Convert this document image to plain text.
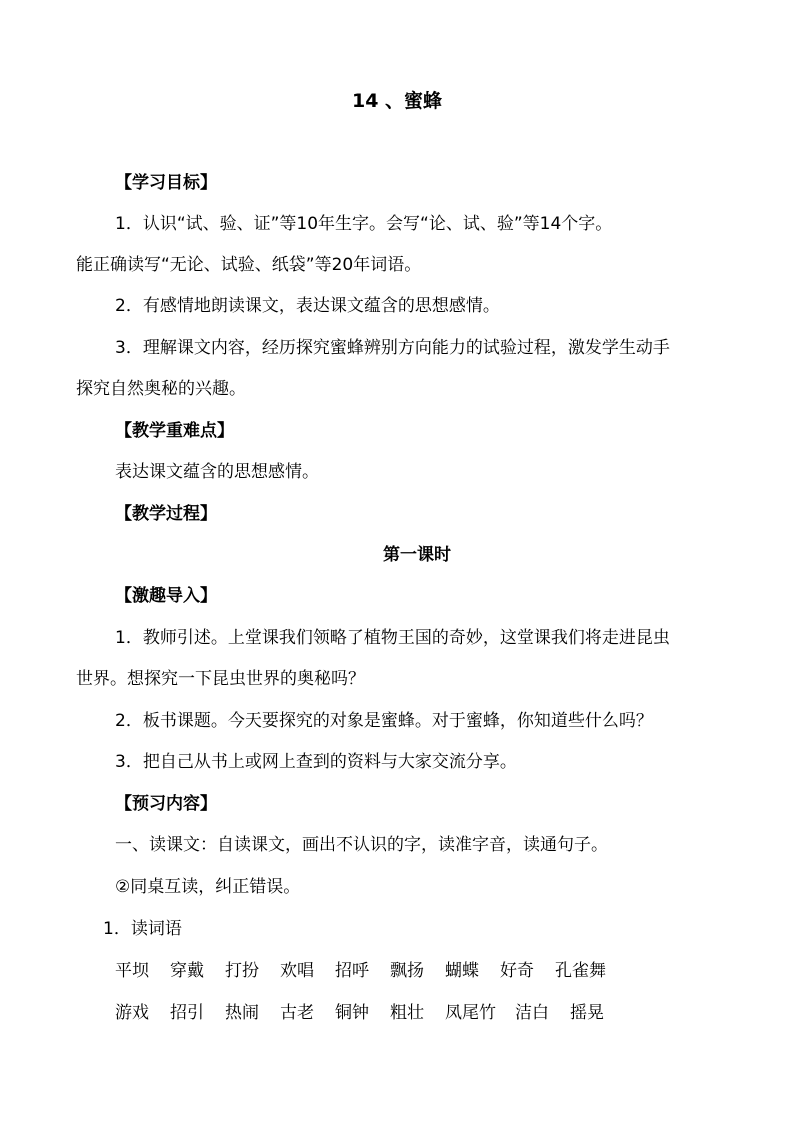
14 、蜜蜂
【学习目标】
1．认识“试、验、证”等10年生字。会写“论、试、验”等14个字。
能正确读写“无论、试验、纸袋”等20年词语。
2．有感情地朗读课文，表达课文蕴含的思想感情。
3．理解课文内容，经历探究蜜蜂辨别方向能力的试验过程，激发学生动手
探究自然奥秘的兴趣。
【教学重难点】
表达课文蕴含的思想感情。
【教学过程】
第一课时
【激趣导入】
1．教师引述。上堂课我们领略了植物王国的奇妙，这堂课我们将走进昆虫
世界。想探究一下昆虫世界的奥秘吗？
2．板书课题。今天要探究的对象是蜜蜂。对于蜜蜂，你知道些什么吗？
3．把自己从书上或网上查到的资料与大家交流分享。
【预习内容】
一、读课文：自读课文，画出不认识的字，读准字音，读通句子。
②同桌互读，纠正错误。
1．读词语
平坝	穿戴	打扮	欢唱	招呼	飘扬	蝴蝶	好奇	孔雀舞
游戏	招引	热闹	古老	铜钟	粗壮	凤尾竹	洁白	摇晃
